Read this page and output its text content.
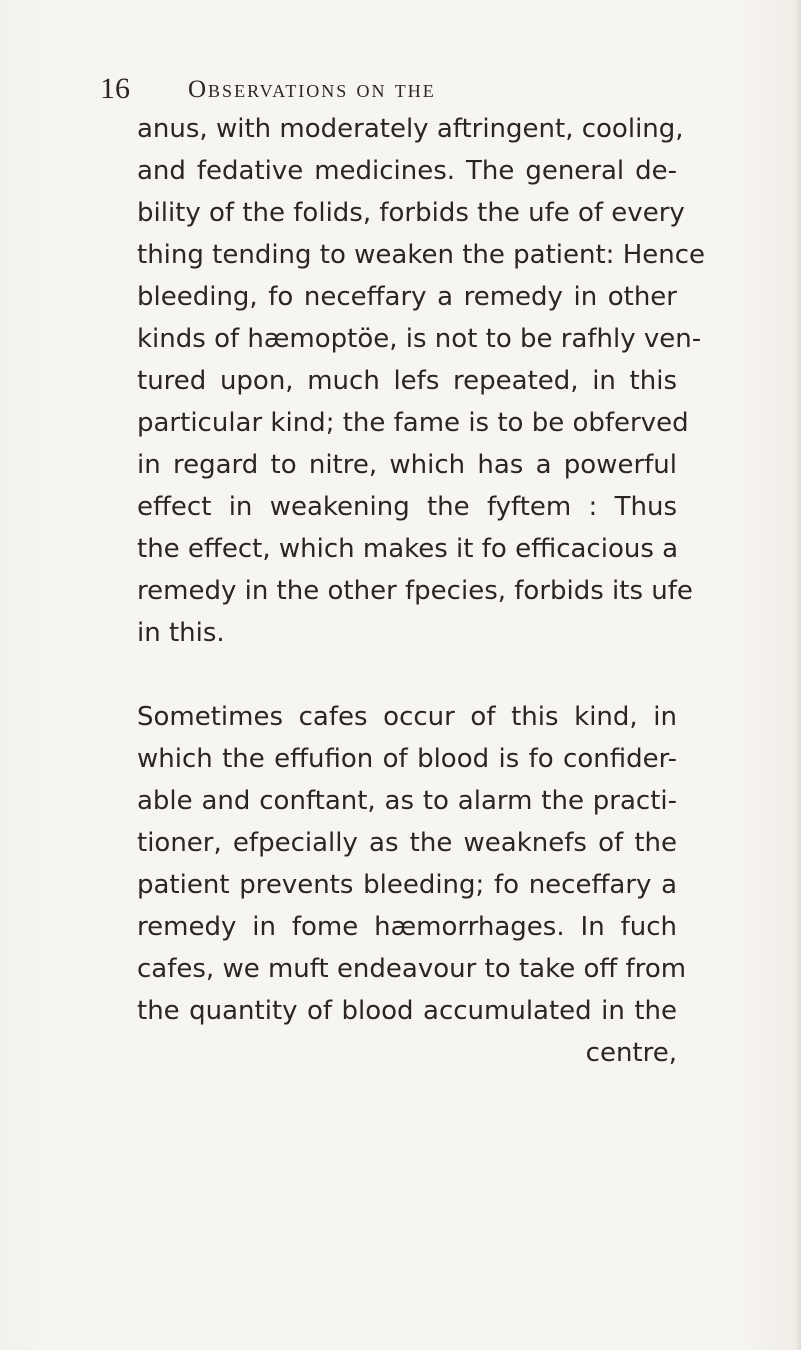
16 Observations on the
anus, with moderately aftringent, cooling,
and fedative medicines. The general de-
bility of the folids, forbids the ufe of every
thing tending to weaken the patient: Hence
bleeding, fo neceffary a remedy in other
kinds of hæmoptöe, is not to be rafhly ven-
tured upon, much lefs repeated, in this
particular kind; the fame is to be obferved
in regard to nitre, which has a powerful
effect in weakening the fyftem : Thus
the effect, which makes it fo efficacious a
remedy in the other fpecies, forbids its ufe
in this.
Sometimes cafes occur of this kind, in
which the effufion of blood is fo confider-
able and conftant, as to alarm the practi-
tioner, efpecially as the weaknefs of the
patient prevents bleeding; fo neceffary a
remedy in fome hæmorrhages. In fuch
cafes, we muft endeavour to take off from
the quantity of blood accumulated in the
centre,
